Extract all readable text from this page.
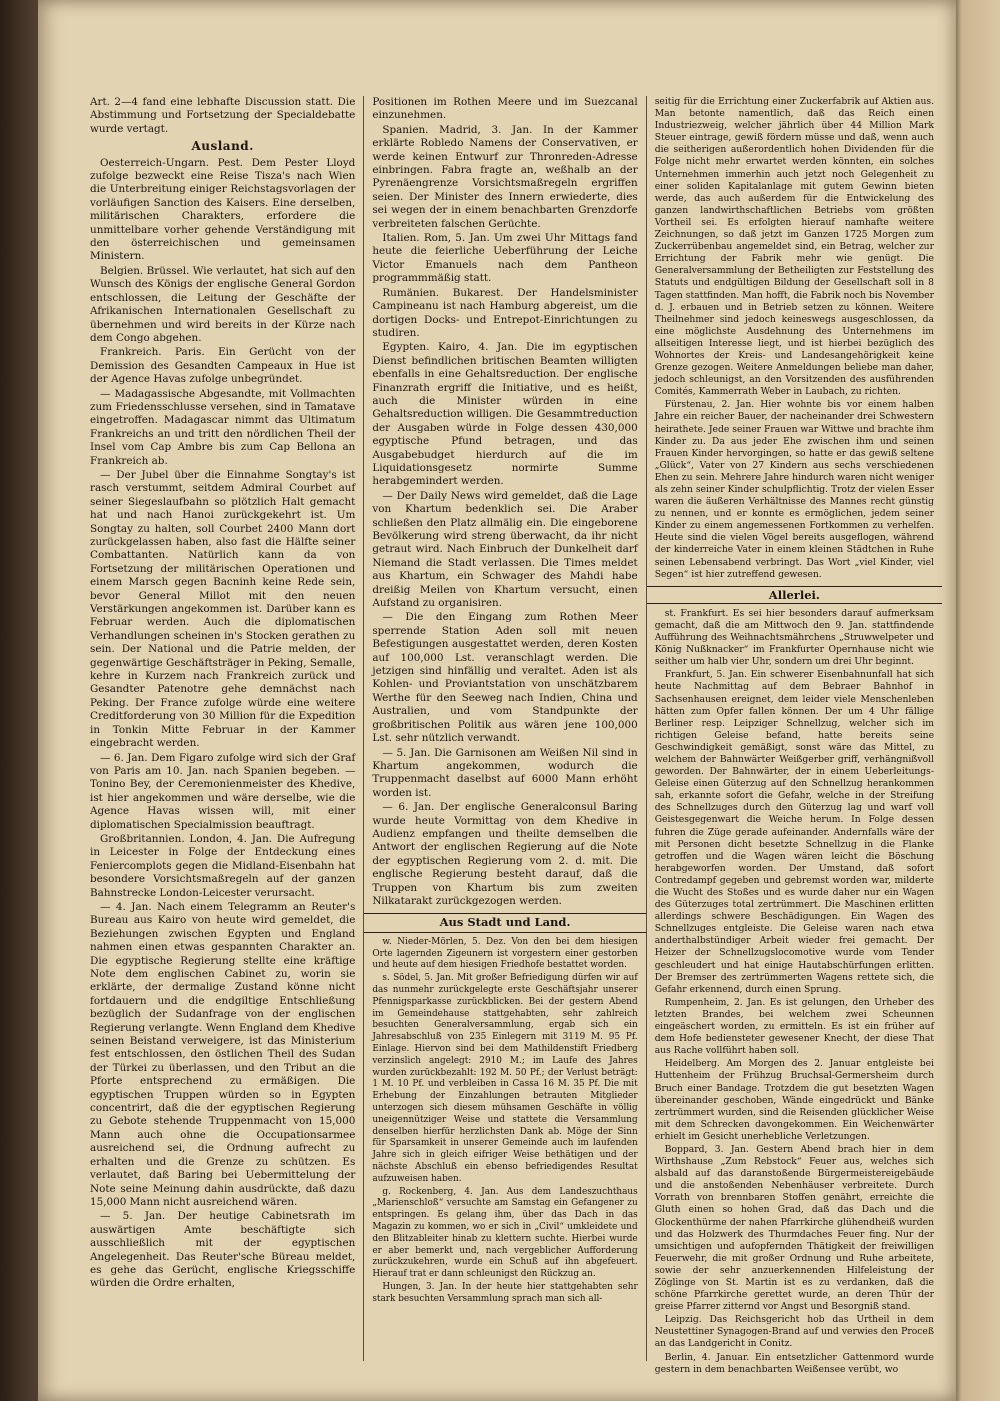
Art. 2—4 fand eine lebhafte Discussion statt. Die Abstimmung und Fortsetzung der Specialdebatte wurde vertagt.

Ausland.

Oesterreich-Ungarn. Pest. Dem Pester Lloyd zufolge bezweckt eine Reise Tisza's nach Wien die Unterbreitung einiger Reichstagsvorlagen der vorläufigen Sanction des Kaisers. Eine derselben, militärischen Charakters, erfordere die unmittelbare vorher gehende Verständigung mit den österreichischen und gemeinsamen Ministern.

Belgien. Brüssel. Wie verlautet, hat sich auf den Wunsch des Königs der englische General Gordon entschlossen, die Leitung der Geschäfte der Afrikanischen Internationalen Gesellschaft zu übernehmen und wird bereits in der Kürze nach dem Congo abgehen.

Frankreich. Paris. Ein Gerücht von der Demission des Gesandten Campeaux in Hue ist der Agence Havas zufolge unbegründet.

— Madagassische Abgesandte, mit Vollmachten zum Friedensschlusse versehen, sind in Tamatave eingetroffen. Madagascar nimmt das Ultimatum Frankreichs an und tritt den nördlichen Theil der Insel vom Cap Ambre bis zum Cap Bellona an Frankreich ab.

— Der Jubel über die Einnahme Songtay's ist rasch verstummt, seitdem Admiral Courbet auf seiner Siegeslaufbahn so plötzlich Halt gemacht hat und nach Hanoi zurückgekehrt ist. Um Songtay zu halten, soll Courbet 2400 Mann dort zurückgelassen haben, also fast die Hälfte seiner Combattanten. Natürlich kann da von Fortsetzung der militärischen Operationen und einem Marsch gegen Bacninh keine Rede sein, bevor General Millot mit den neuen Verstärkungen angekommen ist. Darüber kann es Februar werden. Auch die diplomatischen Verhandlungen scheinen in's Stocken gerathen zu sein. Der National und die Patrie melden, der gegenwärtige Geschäftsträger in Peking, Semalle, kehre in Kurzem nach Frankreich zurück und Gesandter Patenotre gehe demnächst nach Peking. Der France zufolge würde eine weitere Creditforderung von 30 Million für die Expedition in Tonkin Mitte Februar in der Kammer eingebracht werden.

— 6. Jan. Dem Figaro zufolge wird sich der Graf von Paris am 10. Jan. nach Spanien begeben. — Tonino Bey, der Ceremonienmeister des Khedive, ist hier angekommen und wäre derselbe, wie die Agence Havas wissen will, mit einer diplomatischen Specialmission beauftragt.

Großbritannien. London, 4. Jan. Die Aufregung in Leicester in Folge der Entdeckung eines Feniercomplots gegen die Midland-Eisenbahn hat besondere Vorsichtsmaßregeln auf der ganzen Bahnstrecke London-Leicester verursacht.

— 4. Jan. Nach einem Telegramm an Reuter's Bureau aus Kairo von heute wird gemeldet, die Beziehungen zwischen Egypten und England nahmen einen etwas gespannten Charakter an. Die egyptische Regierung stellte eine kräftige Note dem englischen Cabinet zu, worin sie erklärte, der dermalige Zustand könne nicht fortdauern und die endgiltige Entschließung bezüglich der Sudanfrage von der englischen Regierung verlangte. Wenn England dem Khedive seinen Beistand verweigere, ist das Ministerium fest entschlossen, den östlichen Theil des Sudan der Türkei zu überlassen, und den Tribut an die Pforte entsprechend zu ermäßigen. Die egyptischen Truppen würden so in Egypten concentrirt, daß die der egyptischen Regierung zu Gebote stehende Truppenmacht von 15,000 Mann auch ohne die Occupationsarmee ausreichend sei, die Ordnung aufrecht zu erhalten und die Grenze zu schützen. Es verlautet, daß Baring bei Uebermittelung der Note seine Meinung dahin ausdrückte, daß dazu 15,000 Mann nicht ausreichend wären.

— 5. Jan. Der heutige Cabinetsrath im auswärtigen Amte beschäftigte sich ausschließlich mit der egyptischen Angelegenheit. Das Reuter'sche Büreau meldet, es gehe das Gerücht, englische Kriegsschiffe würden die Ordre erhalten,

Positionen im Rothen Meere und im Suezcanal einzunehmen.

Spanien. Madrid, 3. Jan. In der Kammer erklärte Robledo Namens der Conservativen, er werde keinen Entwurf zur Thronreden-Adresse einbringen. Fabra fragte an, weßhalb an der Pyrenäengrenze Vorsichtsmaßregeln ergriffen seien. Der Minister des Innern erwiederte, dies sei wegen der in einem benachbarten Grenzdorfe verbreiteten falschen Gerüchte.

Italien. Rom, 5. Jan. Um zwei Uhr Mittags fand heute die feierliche Ueberführung der Leiche Victor Emanuels nach dem Pantheon programmmäßig statt.

Rumänien. Bukarest. Der Handelsminister Campineanu ist nach Hamburg abgereist, um die dortigen Docks- und Entrepot-Einrichtungen zu studiren.

Egypten. Kairo, 4. Jan. Die im egyptischen Dienst befindlichen britischen Beamten willigten ebenfalls in eine Gehaltsreduction. Der englische Finanzrath ergriff die Initiative, und es heißt, auch die Minister würden in eine Gehaltsreduction willigen. Die Gesammtreduction der Ausgaben würde in Folge dessen 430,000 egyptische Pfund betragen, und das Ausgabebudget hierdurch auf die im Liquidationsgesetz normirte Summe herabgemindert werden.

— Der Daily News wird gemeldet, daß die Lage von Khartum bedenklich sei. Die Araber schließen den Platz allmälig ein. Die eingeborene Bevölkerung wird streng überwacht, da ihr nicht getraut wird. Nach Einbruch der Dunkelheit darf Niemand die Stadt verlassen. Die Times meldet aus Khartum, ein Schwager des Mahdi habe dreißig Meilen von Khartum versucht, einen Aufstand zu organisiren.

— Die den Eingang zum Rothen Meer sperrende Station Aden soll mit neuen Befestigungen ausgestattet werden, deren Kosten auf 100,000 Lst. veranschlagt werden. Die jetzigen sind hinfällig und veraltet. Aden ist als Kohlen- und Proviantstation von unschätzbarem Werthe für den Seeweg nach Indien, China und Australien, und vom Standpunkte der großbritischen Politik aus wären jene 100,000 Lst. sehr nützlich verwandt.

— 5. Jan. Die Garnisonen am Weißen Nil sind in Khartum angekommen, wodurch die Truppenmacht daselbst auf 6000 Mann erhöht worden ist.

— 6. Jan. Der englische Generalconsul Baring wurde heute Vormittag von dem Khedive in Audienz empfangen und theilte demselben die Antwort der englischen Regierung auf die Note der egyptischen Regierung vom 2. d. mit. Die englische Regierung besteht darauf, daß die Truppen von Khartum bis zum zweiten Nilkatarakt zurückgezogen werden.

Aus Stadt und Land.

w. Nieder-Mörlen, 5. Dez. Von den bei dem hiesigen Orte lagernden Zigeunern ist vorgestern einer gestorben und heute auf dem hiesigen Friedhofe bestattet worden.

s. Södel, 5. Jan. Mit großer Befriedigung dürfen wir auf das nunmehr zurückgelegte erste Geschäftsjahr unserer Pfennigsparkasse zurückblicken. Bei der gestern Abend im Gemeindehause stattgehabten, sehr zahlreich besuchten Generalversammlung, ergab sich ein Jahresabschluß von 235 Einlegern mit 3119 M. 95 Pf. Einlage. Hiervon sind bei dem Mathildenstift Friedberg verzinslich angelegt: 2910 M.; im Laufe des Jahres wurden zurückbezahlt: 192 M. 50 Pf.; der Verlust beträgt: 1 M. 10 Pf. und verbleiben in Cassa 16 M. 35 Pf. Die mit Erhebung der Einzahlungen betrauten Mitglieder unterzogen sich diesem mühsamen Geschäfte in völlig uneigennütziger Weise und stattete die Versammlung denselben hierfür herzlichsten Dank ab. Möge der Sinn für Sparsamkeit in unserer Gemeinde auch im laufenden Jahre sich in gleich eifriger Weise bethätigen und der nächste Abschluß ein ebenso befriedigendes Resultat aufzuweisen haben.

g. Rockenberg, 4. Jan. Aus dem Landeszuchthaus „Marienschloß“ versuchte am Samstag ein Gefangener zu entspringen. Es gelang ihm, über das Dach in das Magazin zu kommen, wo er sich in „Civil“ umkleidete und den Blitzableiter hinab zu klettern suchte. Hierbei wurde er aber bemerkt und, nach vergeblicher Aufforderung zurückzukehren, wurde ein Schuß auf ihn abgefeuert. Hierauf trat er dann schleunigst den Rückzug an.

Hungen, 3. Jan. In der heute hier stattgehabten sehr stark besuchten Versammlung sprach man sich all-

seitig für die Errichtung einer Zuckerfabrik auf Aktien aus. Man betonte namentlich, daß das Reich einen Industriezweig, welcher jährlich über 44 Million Mark Steuer eintrage, gewiß fördern müsse und daß, wenn auch die seitherigen außerordentlich hohen Dividenden für die Folge nicht mehr erwartet werden könnten, ein solches Unternehmen immerhin auch jetzt noch Gelegenheit zu einer soliden Kapitalanlage mit gutem Gewinn bieten werde, das auch außerdem für die Entwickelung des ganzen landwirthschaftlichen Betriebs vom größten Vortheil sei. Es erfolgten hierauf namhafte weitere Zeichnungen, so daß jetzt im Ganzen 1725 Morgen zum Zuckerrübenbau angemeldet sind, ein Betrag, welcher zur Errichtung der Fabrik mehr wie genügt. Die Generalversammlung der Betheiligten zur Feststellung des Statuts und endgültigen Bildung der Gesellschaft soll in 8 Tagen stattfinden. Man hofft, die Fabrik noch bis November d. J. erbauen und in Betrieb setzen zu können. Weitere Theilnehmer sind jedoch keineswegs ausgeschlossen, da eine möglichste Ausdehnung des Unternehmens im allseitigen Interesse liegt, und ist hierbei bezüglich des Wohnortes der Kreis- und Landesangehörigkeit keine Grenze gezogen. Weitere Anmeldungen beliebe man daher, jedoch schleunigst, an den Vorsitzenden des ausführenden Comités, Kammerrath Weber in Laubach, zu richten.

Fürstenau, 2. Jan. Hier wohnte bis vor einem halben Jahre ein reicher Bauer, der nacheinander drei Schwestern heirathete. Jede seiner Frauen war Wittwe und brachte ihm Kinder zu. Da aus jeder Ehe zwischen ihm und seinen Frauen Kinder hervorgingen, so hatte er das gewiß seltene „Glück“, Vater von 27 Kindern aus sechs verschiedenen Ehen zu sein. Mehrere Jahre hindurch waren nicht weniger als zehn seiner Kinder schulpflichtig. Trotz der vielen Esser waren die äußeren Verhältnisse des Mannes recht günstig zu nennen, und er konnte es ermöglichen, jedem seiner Kinder zu einem angemessenen Fortkommen zu verhelfen. Heute sind die vielen Vögel bereits ausgeflogen, während der kinderreiche Vater in einem kleinen Städtchen in Ruhe seinen Lebensabend verbringt. Das Wort „viel Kinder, viel Segen“ ist hier zutreffend gewesen.

Allerlei.

st. Frankfurt. Es sei hier besonders darauf aufmerksam gemacht, daß die am Mittwoch den 9. Jan. stattfindende Aufführung des Weihnachtsmährchens „Struwwelpeter und König Nußknacker“ im Frankfurter Opernhause nicht wie seither um halb vier Uhr, sondern um drei Uhr beginnt.

Frankfurt, 5. Jan. Ein schwerer Eisenbahnunfall hat sich heute Nachmittag auf dem Bebraer Bahnhof in Sachsenhausen ereignet, dem leider viele Menschenleben hätten zum Opfer fallen können. Der um 4 Uhr fällige Berliner resp. Leipziger Schnellzug, welcher sich im richtigen Geleise befand, hatte bereits seine Geschwindigkeit gemäßigt, sonst wäre das Mittel, zu welchem der Bahnwärter Weißgerber griff, verhängnißvoll geworden. Der Bahnwärter, der in einem Ueberleitungs-Geleise einen Güterzug auf den Schnellzug herankommen sah, erkannte sofort die Gefahr, welche in der Streifung des Schnellzuges durch den Güterzug lag und warf voll Geistesgegenwart die Weiche herum. In Folge dessen fuhren die Züge gerade aufeinander. Andernfalls wäre der mit Personen dicht besetzte Schnellzug in die Flanke getroffen und die Wagen wären leicht die Böschung herabgeworfen worden. Der Umstand, daß sofort Contredampf gegeben und gebremst worden war, milderte die Wucht des Stoßes und es wurde daher nur ein Wagen des Güterzuges total zertrümmert. Die Maschinen erlitten allerdings schwere Beschädigungen. Ein Wagen des Schnellzuges entgleiste. Die Geleise waren nach etwa anderthalbstündiger Arbeit wieder frei gemacht. Der Heizer der Schnellzugslocomotive wurde vom Tender geschleudert und hat einige Hautabschürfungen erlitten. Der Bremser des zertrümmerten Wagens rettete sich, die Gefahr erkennend, durch einen Sprung.

Rumpenheim, 2. Jan. Es ist gelungen, den Urheber des letzten Brandes, bei welchem zwei Scheunnen eingeäschert worden, zu ermitteln. Es ist ein früher auf dem Hofe bediensteter gewesener Knecht, der diese That aus Rache vollführt haben soll.

Heidelberg. Am Morgen des 2. Januar entgleiste bei Huttenheim der Frühzug Bruchsal-Germersheim durch Bruch einer Bandage. Trotzdem die gut besetzten Wagen übereinander geschoben, Wände eingedrückt und Bänke zertrümmert wurden, sind die Reisenden glücklicher Weise mit dem Schrecken davongekommen. Ein Weichenwärter erhielt im Gesicht unerhebliche Verletzungen.

Boppard, 3. Jan. Gestern Abend brach hier in dem Wirthshause „Zum Rebstock“ Feuer aus, welches sich alsbald auf das daranstoßende Bürgermeistereigebäude und die anstoßenden Nebenhäuser verbreitete. Durch Vorrath von brennbaren Stoffen genährt, erreichte die Gluth einen so hohen Grad, daß das Dach und die Glockenthürme der nahen Pfarrkirche glühendheiß wurden und das Holzwerk des Thurmdaches Feuer fing. Nur der umsichtigen und aufopfernden Thätigkeit der freiwilligen Feuerwehr, die mit großer Ordnung und Ruhe arbeitete, sowie der sehr anzuerkennenden Hilfeleistung der Zöglinge von St. Martin ist es zu verdanken, daß die schöne Pfarrkirche gerettet wurde, an deren Thür der greise Pfarrer zitternd vor Angst und Besorgniß stand.

Leipzig. Das Reichsgericht hob das Urtheil in dem Neustettiner Synagogen-Brand auf und verwies den Proceß an das Landgericht in Conitz.

Berlin, 4. Januar. Ein entsetzlicher Gattenmord wurde gestern in dem benachbarten Weißensee verübt, wo
